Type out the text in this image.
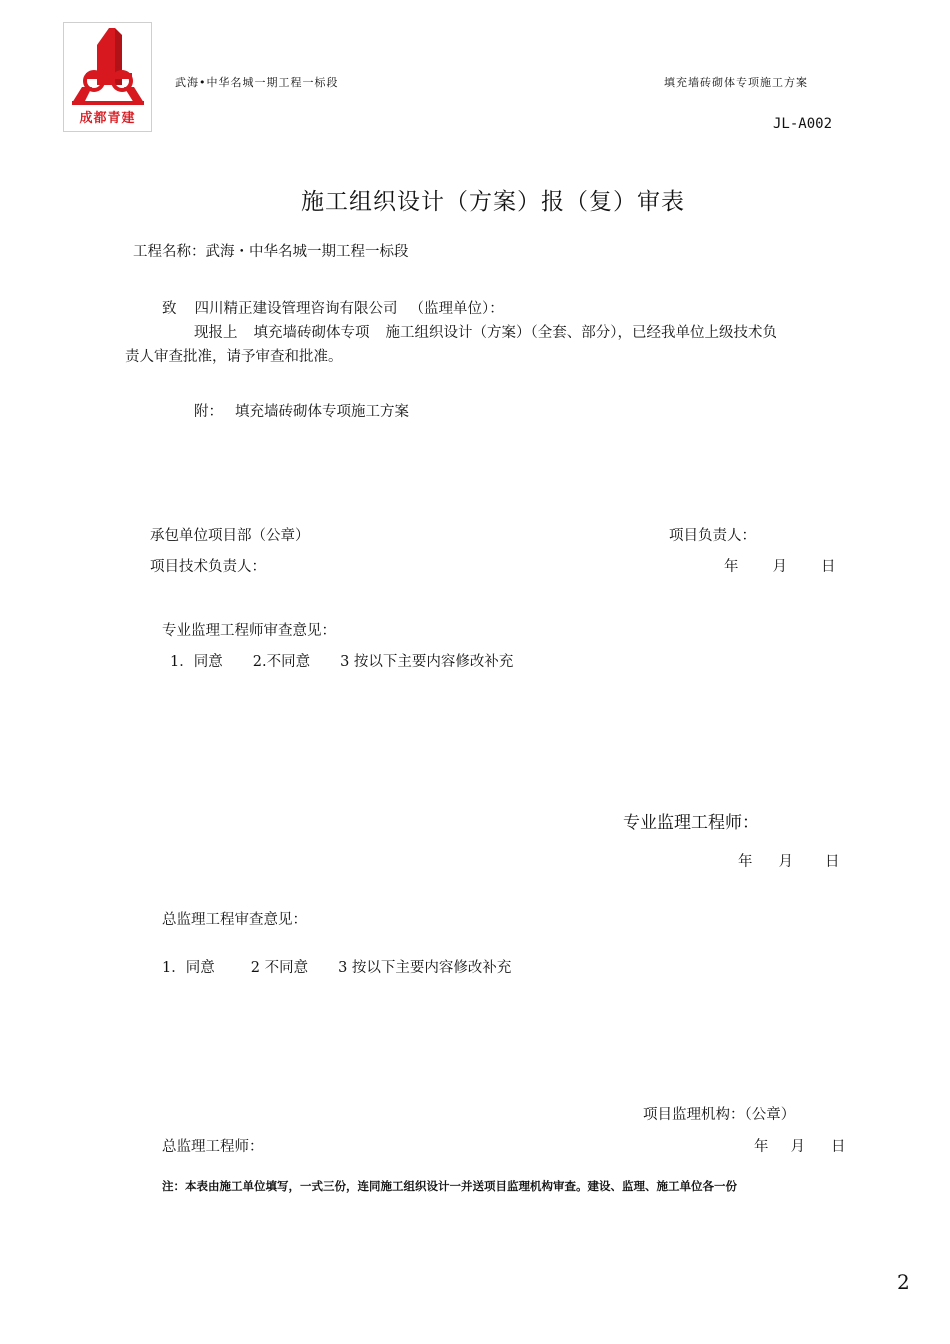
成都青建
武海•中华名城一期工程一标段	填充墙砖砌体专项施工方案
JL-A002
施工组织设计（方案）报（复）审表
工程名称：武海・中华名城一期工程一标段
致 四川精正建设管理咨询有限公司 （监理单位）：
现报上 填充墙砖砌体专项 施工组织设计（方案）（全套、部分），已经我单位上级技术负
责人审查批准，请予审查和批准。
附： 填充墙砖砌体专项施工方案
承包单位项目部（公章）	项目负责人：
项目技术负责人：	年 月 日
专业监理工程师审查意见：
1．同意 2.不同意 3 按以下主要内容修改补充
专业监理工程师：
年 月 日
总监理工程审查意见：
1．同意 2 不同意 3 按以下主要内容修改补充
项目监理机构：（公章）
总监理工程师：	年 月 日
注：本表由施工单位填写，一式三份，连同施工组织设计一并送项目监理机构审查。建设、监理、施工单位各一份
2
